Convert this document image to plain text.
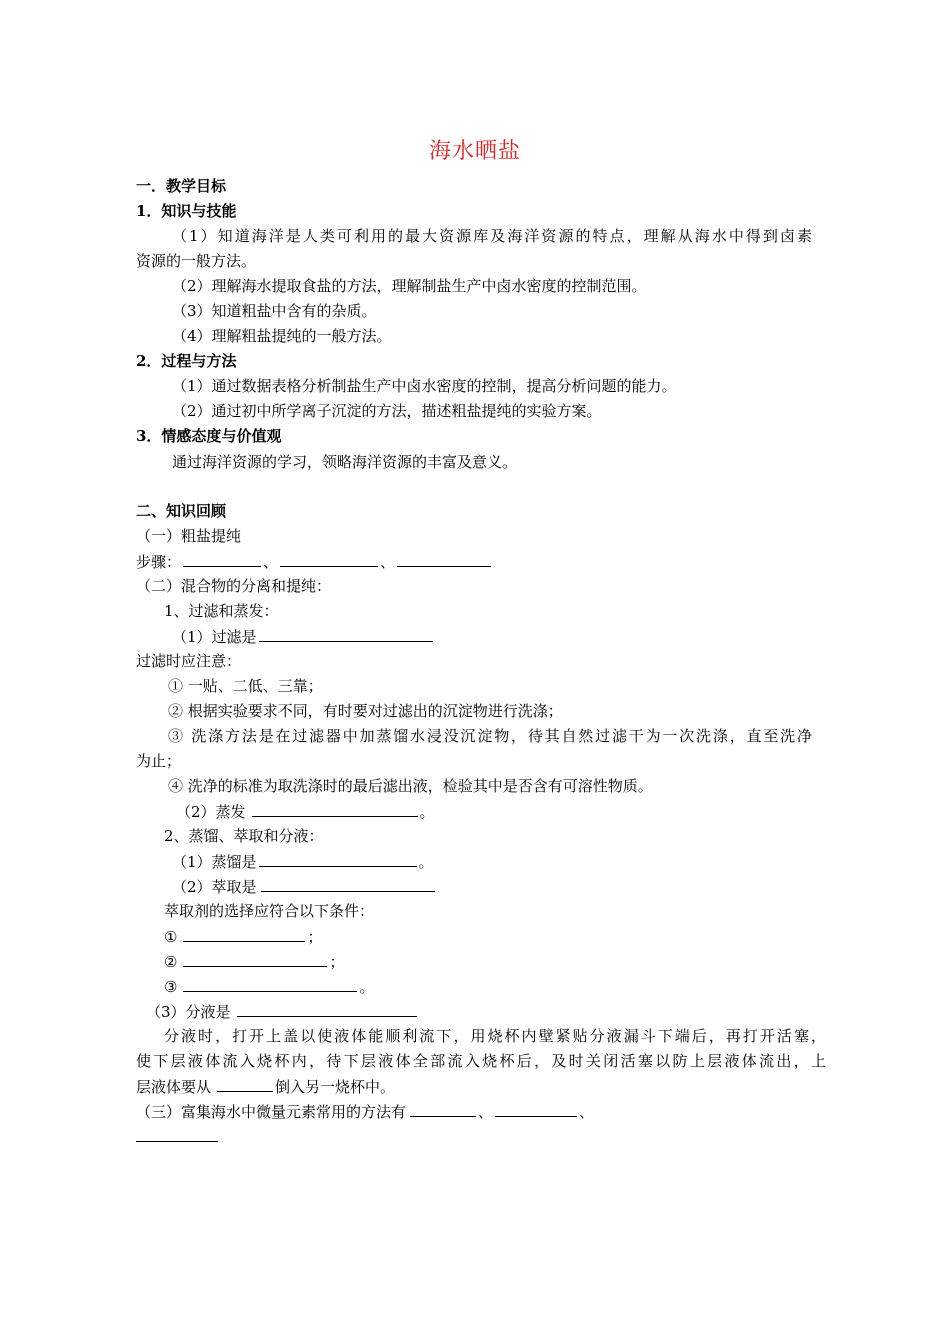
海水晒盐
一．教学目标
1．知识与技能
（1）知道海洋是人类可利用的最大资源库及海洋资源的特点，理解从海水中得到卤素
资源的一般方法。
（2）理解海水提取食盐的方法，理解制盐生产中卤水密度的控制范围。
（3）知道粗盐中含有的杂质。
（4）理解粗盐提纯的一般方法。
2．过程与方法
（1）通过数据表格分析制盐生产中卤水密度的控制，提高分析问题的能力。
（2）通过初中所学离子沉淀的方法，描述粗盐提纯的实验方案。
3．情感态度与价值观
通过海洋资源的学习，领略海洋资源的丰富及意义。
二、知识回顾
（一）粗盐提纯
步骤：	、	、
（二）混合物的分离和提纯：
1、过滤和蒸发：
（1）过滤是
过滤时应注意：
① 一贴、二低、三靠；
② 根据实验要求不同，有时要对过滤出的沉淀物进行洗涤；
③ 洗涤方法是在过滤器中加蒸馏水浸没沉淀物，待其自然过滤干为一次洗涤，直至洗净
为止；
④ 洗净的标准为取洗涤时的最后滤出液，检验其中是否含有可溶性物质。
（2）蒸发	。
2、蒸馏、萃取和分液：
（1）蒸馏是	。
（2）萃取是
萃取剂的选择应符合以下条件：
①	；
②	；
③	。
（3）分液是
分液时，打开上盖以使液体能顺利流下，用烧杯内壁紧贴分液漏斗下端后，再打开活塞，
使下层液体流入烧杯内，待下层液体全部流入烧杯后，及时关闭活塞以防上层液体流出，上
层液体要从	倒入另一烧杯中。
（三）富集海水中微量元素常用的方法有	、	、
